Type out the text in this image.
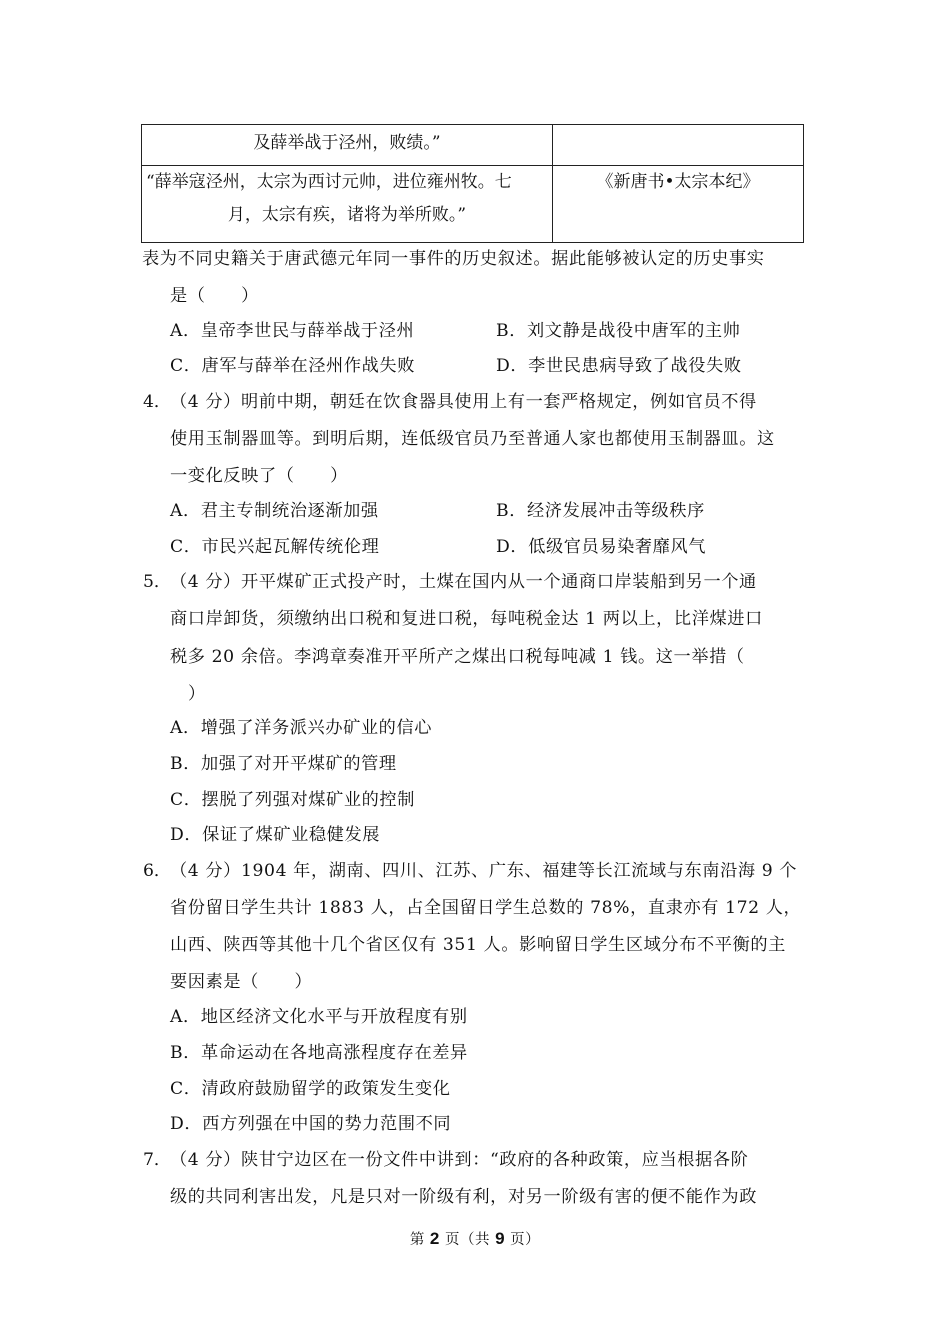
及薛举战于泾州，败绩。”	

“薛举寇泾州，太宗为西讨元帅，进位雍州牧。七
月，太宗有疾，诸将为举所败。”	《新唐书•太宗本纪》
表为不同史籍关于唐武德元年同一事件的历史叙述。据此能够被认定的历史事实
是（　　）
A．皇帝李世民与薛举战于泾州	B．刘文静是战役中唐军的主帅
C．唐军与薛举在泾州作战失败	D．李世民患病导致了战役失败
4．
（4 分）明前中期，朝廷在饮食器具使用上有一套严格规定，例如官员不得
使用玉制器皿等。到明后期，连低级官员乃至普通人家也都使用玉制器皿。这
一变化反映了（　　）
A．君主专制统治逐渐加强	B．经济发展冲击等级秩序
C．市民兴起瓦解传统伦理	D．低级官员易染奢靡风气
5．
（4 分）开平煤矿正式投产时，土煤在国内从一个通商口岸装船到另一个通
商口岸卸货，须缴纳出口税和复进口税，每吨税金达 1 两以上，比洋煤进口
税多 20 余倍。李鸿章奏准开平所产之煤出口税每吨减 1 钱。这一举措（
）
A．增强了洋务派兴办矿业的信心
B．加强了对开平煤矿的管理
C．摆脱了列强对煤矿业的控制
D．保证了煤矿业稳健发展
6．
（4 分）1904 年，湖南、四川、江苏、广东、福建等长江流域与东南沿海 9 个
省份留日学生共计 1883 人，占全国留日学生总数的 78%，直隶亦有 172 人，
山西、陕西等其他十几个省区仅有 351 人。影响留日学生区域分布不平衡的主
要因素是（　　）
A．地区经济文化水平与开放程度有别
B．革命运动在各地高涨程度存在差异
C．清政府鼓励留学的政策发生变化
D．西方列强在中国的势力范围不同
7．
（4 分）陕甘宁边区在一份文件中讲到：“政府的各种政策，应当根据各阶
级的共同利害出发，凡是只对一阶级有利，对另一阶级有害的便不能作为政
第 2 页（共 9 页）
